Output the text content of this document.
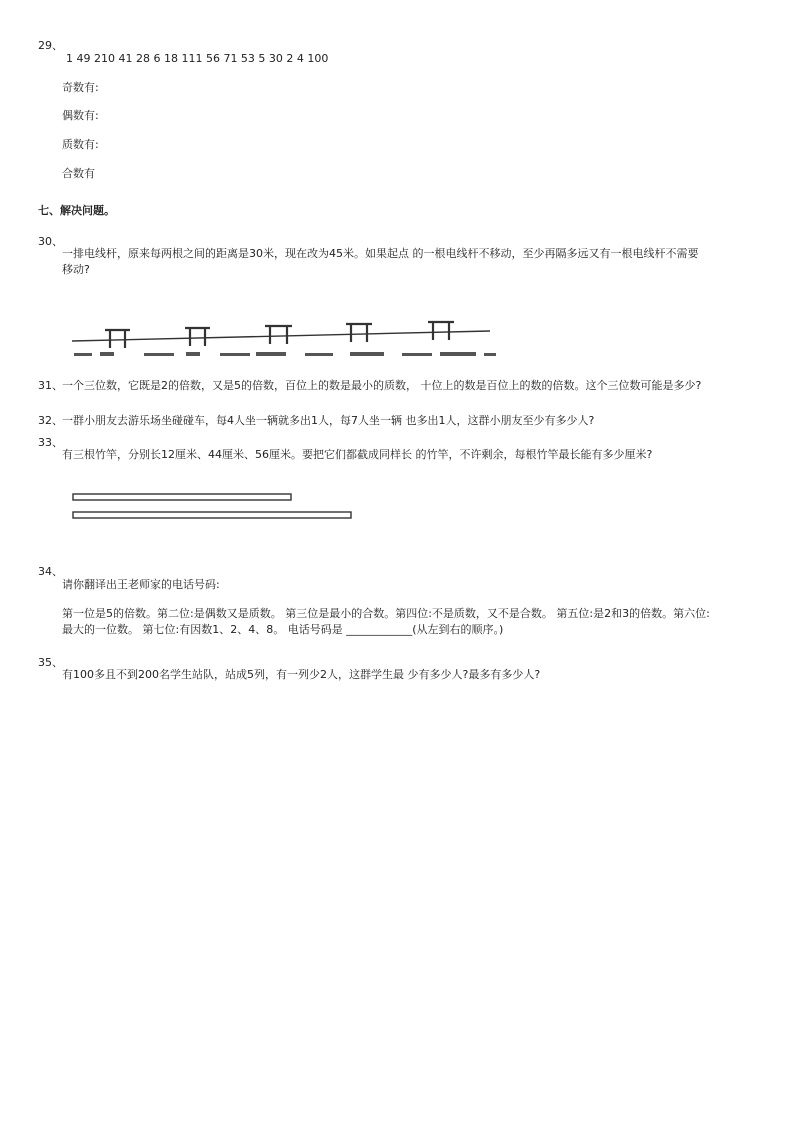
29、
1 49 210 41 28 6 18 111 56 71 53 5 30 2 4 100
奇数有:
偶数有:
质数有:
合数有
七、解决问题。
30、
一排电线杆，原来每两根之间的距离是30米，现在改为45米。如果起点 的一根电线杆不移动，至少再隔多远又有一根电线杆不需要移动?
31、 一个三位数，它既是2的倍数，又是5的倍数，百位上的数是最小的质数， 十位上的数是百位上的数的倍数。这个三位数可能是多少?
32、 一群小朋友去游乐场坐碰碰车，每4人坐一辆就多出1人，每7人坐一辆 也多出1人，这群小朋友至少有多少人?
33、
有三根竹竿，分别长12厘米、44厘米、56厘米。要把它们都截成同样长 的竹竿，不许剩余，每根竹竿最长能有多少厘米?
34、
请你翻译出王老师家的电话号码:
第一位是5的倍数。第二位:是偶数又是质数。 第三位是最小的合数。第四位:不是质数，又不是合数。 第五位:是2和3的倍数。第六位:最大的一位数。 第七位:有因数1、2、4、8。 电话号码是 ____________(从左到右的顺序。)
35、
有100多且不到200名学生站队，站成5列，有一列少2人，这群学生最 少有多少人?最多有多少人?
